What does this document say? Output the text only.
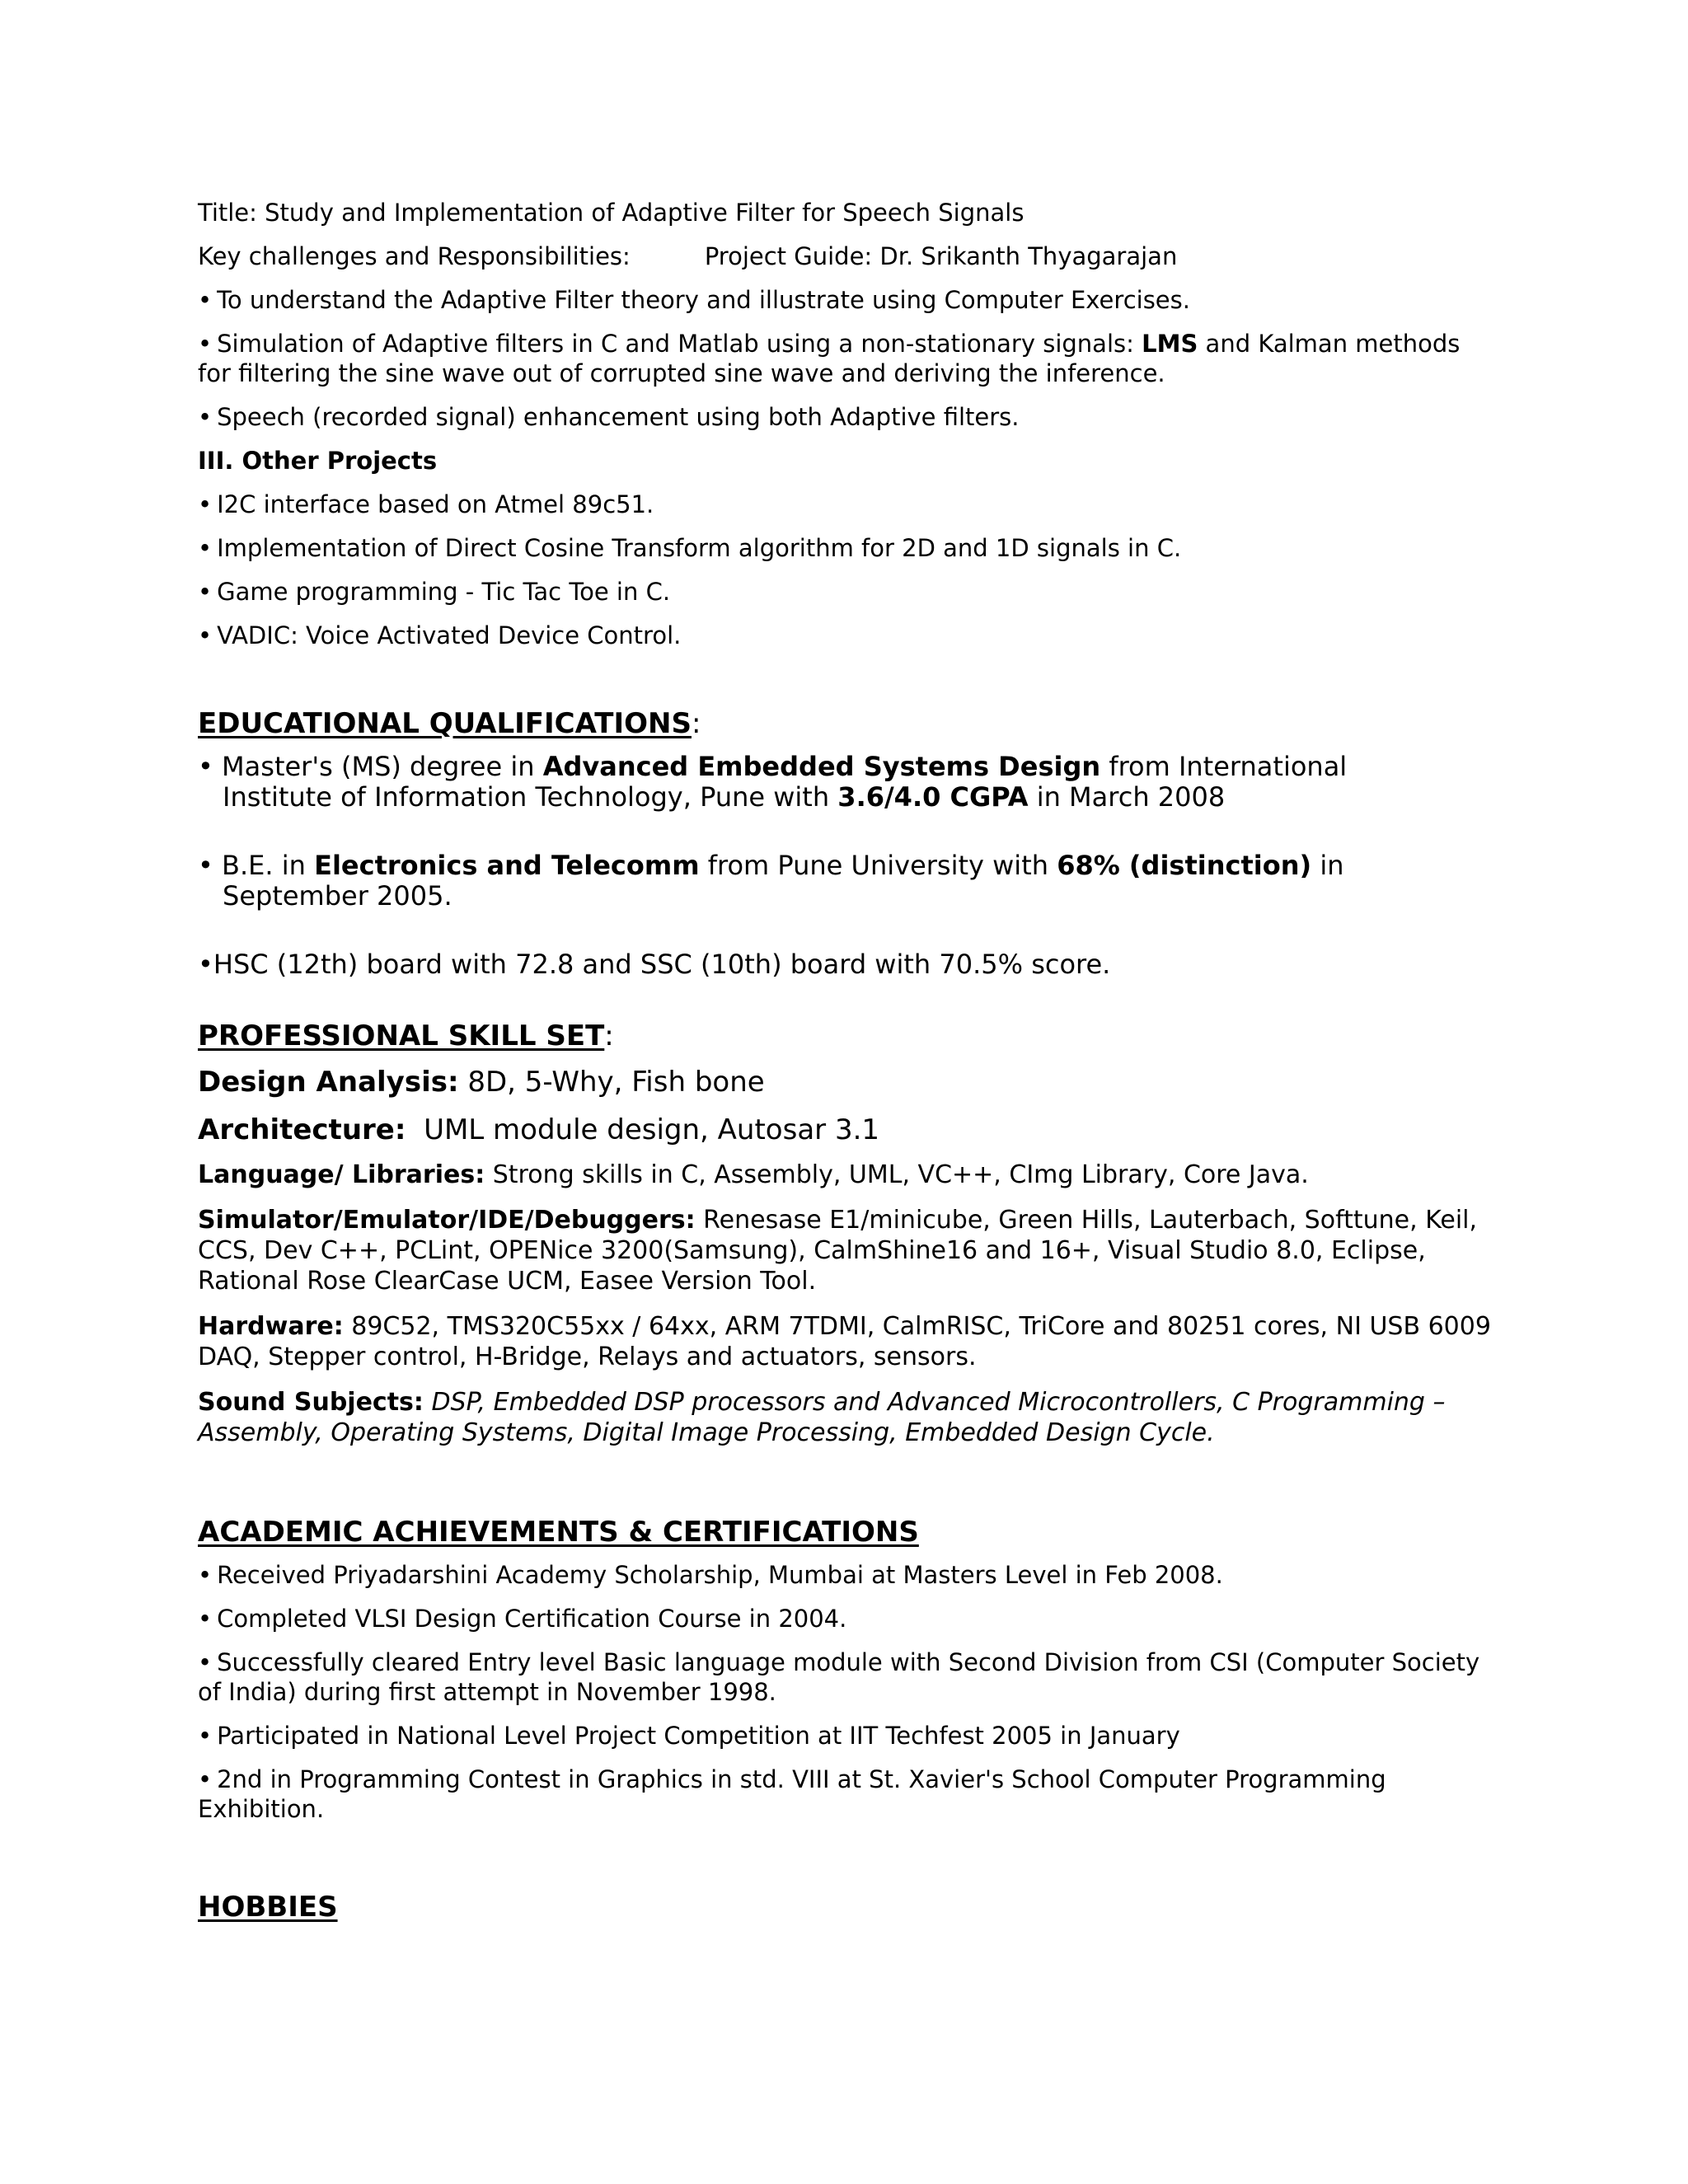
Title: Study and Implementation of Adaptive Filter for Speech Signals
Key challenges and Responsibilities:	Project Guide: Dr. Srikanth Thyagarajan
• To understand the Adaptive Filter theory and illustrate using Computer Exercises.
• Simulation of Adaptive filters in C and Matlab using a non-stationary signals: LMS and Kalman methods for filtering the sine wave out of corrupted sine wave and deriving the inference.
• Speech (recorded signal) enhancement using both Adaptive filters.
III. Other Projects
• I2C interface based on Atmel 89c51.
• Implementation of Direct Cosine Transform algorithm for 2D and 1D signals in C.
• Game programming - Tic Tac Toe in C.
• VADIC: Voice Activated Device Control.
EDUCATIONAL QUALIFICATIONS:
• Master's (MS) degree in Advanced Embedded Systems Design from International
Institute of Information Technology, Pune with 3.6/4.0 CGPA in March 2008
• B.E. in Electronics and Telecomm from Pune University with 68% (distinction) in
September 2005.
•HSC (12th) board with 72.8 and SSC (10th) board with 70.5% score.
PROFESSIONAL SKILL SET:
Design Analysis: 8D, 5-Why, Fish bone
Architecture:  UML module design, Autosar 3.1
Language/ Libraries: Strong skills in C, Assembly, UML, VC++, CImg Library, Core Java.
Simulator/Emulator/IDE/Debuggers: Renesase E1/minicube, Green Hills, Lauterbach, Softtune, Keil, CCS, Dev C++, PCLint, OPENice 3200(Samsung), CalmShine16 and 16+, Visual Studio 8.0, Eclipse, Rational Rose ClearCase UCM, Easee Version Tool.
Hardware: 89C52, TMS320C55xx / 64xx, ARM 7TDMI, CalmRISC, TriCore and 80251 cores, NI USB 6009 DAQ, Stepper control, H-Bridge, Relays and actuators, sensors.
Sound Subjects: DSP, Embedded DSP processors and Advanced Microcontrollers, C Programming – Assembly, Operating Systems, Digital Image Processing, Embedded Design Cycle.
ACADEMIC ACHIEVEMENTS & CERTIFICATIONS
• Received Priyadarshini Academy Scholarship, Mumbai at Masters Level in Feb 2008.
• Completed VLSI Design Certification Course in 2004.
• Successfully cleared Entry level Basic language module with Second Division from CSI (Computer Society of India) during first attempt in November 1998.
• Participated in National Level Project Competition at IIT Techfest 2005 in January
• 2nd in Programming Contest in Graphics in std. VIII at St. Xavier's School Computer Programming Exhibition.
HOBBIES
